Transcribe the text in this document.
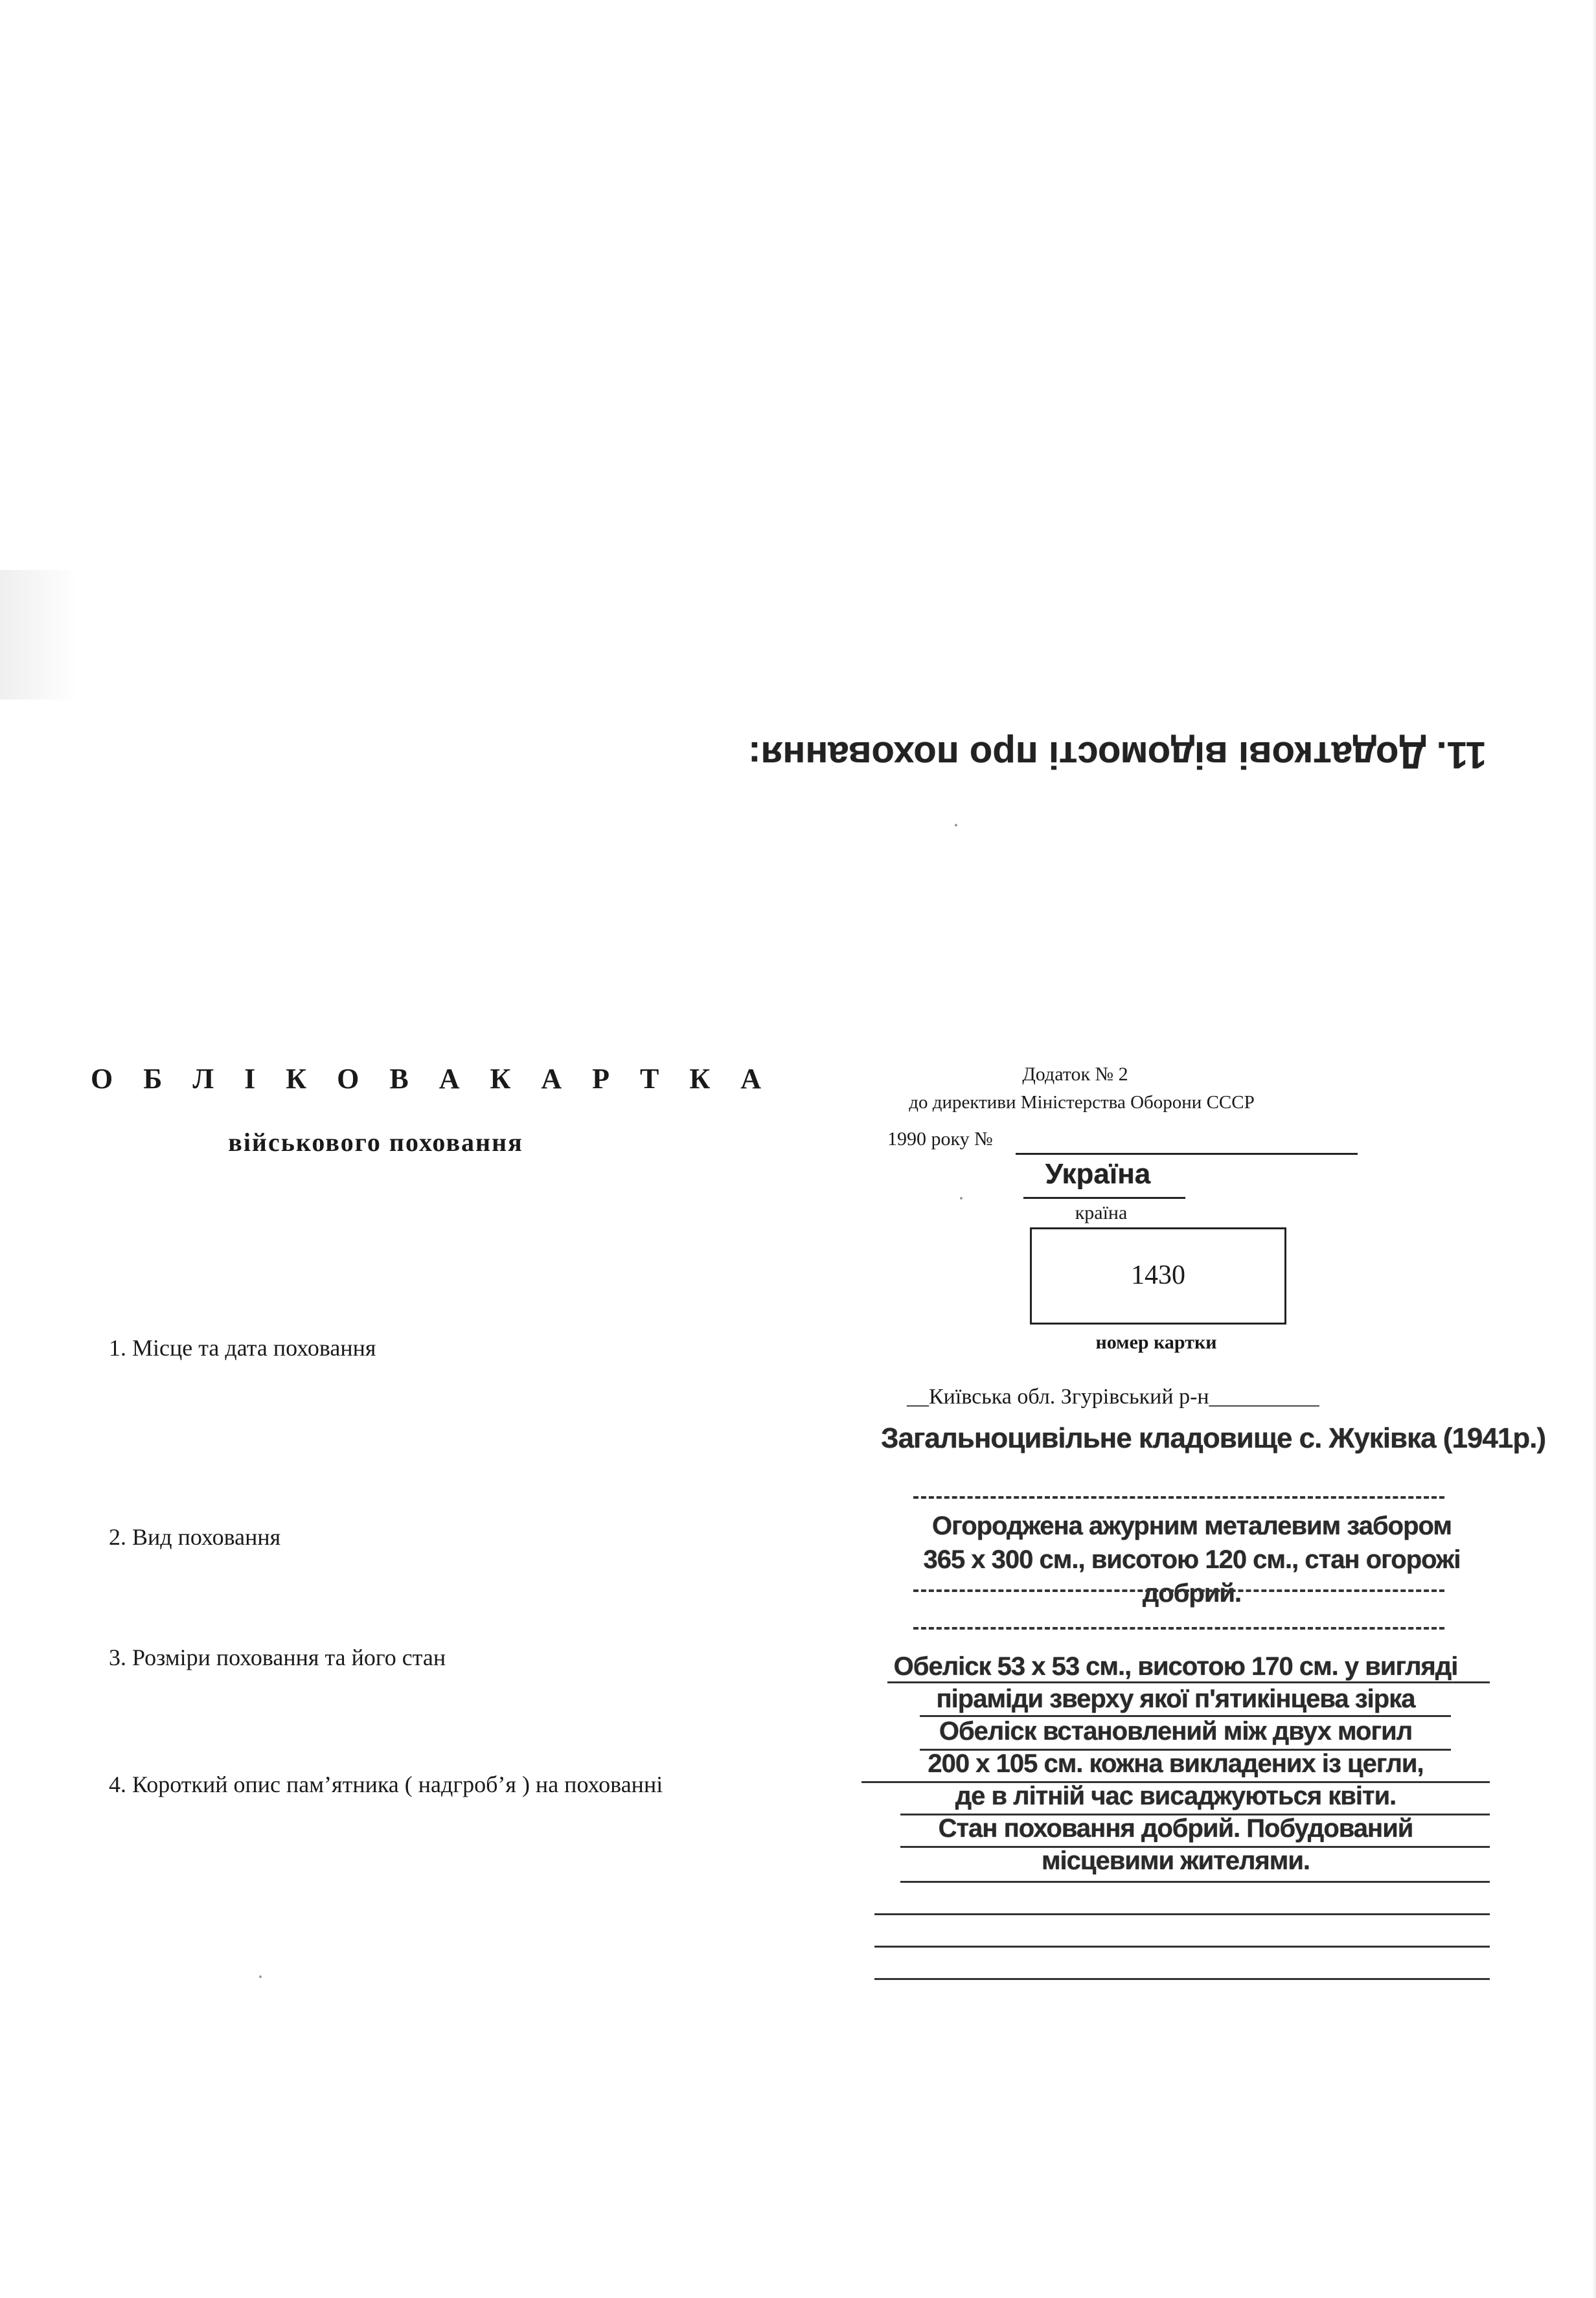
11. Додаткові відомості про поховання:
О Б Л І К О В А К А Р Т К А
військового поховання
1. Місце та дата поховання
2. Вид поховання
3. Розміри поховання та його стан
4. Короткий опис пам’ятника ( надгроб’я ) на похованні
Додаток № 2
до директиви Міністерства Оборони СССР
1990 року №
Україна
країна
1430
номер картки
__Київська обл. Згурівський р-н__________
Загальноцивільне кладовище с. Жуківка (1941р.)
Огороджена ажурним металевим забором
365 х 300 см., висотою 120 см., стан огорожі
добрий.
Обеліск 53 х 53 см., висотою 170 см. у вигляді
піраміди зверху якої п'ятикінцева зірка
Обеліск встановлений між двух могил
200 х 105 см. кожна викладених із цегли,
де в літній час висаджуються квіти.
Стан поховання добрий. Побудований
місцевими жителями.
